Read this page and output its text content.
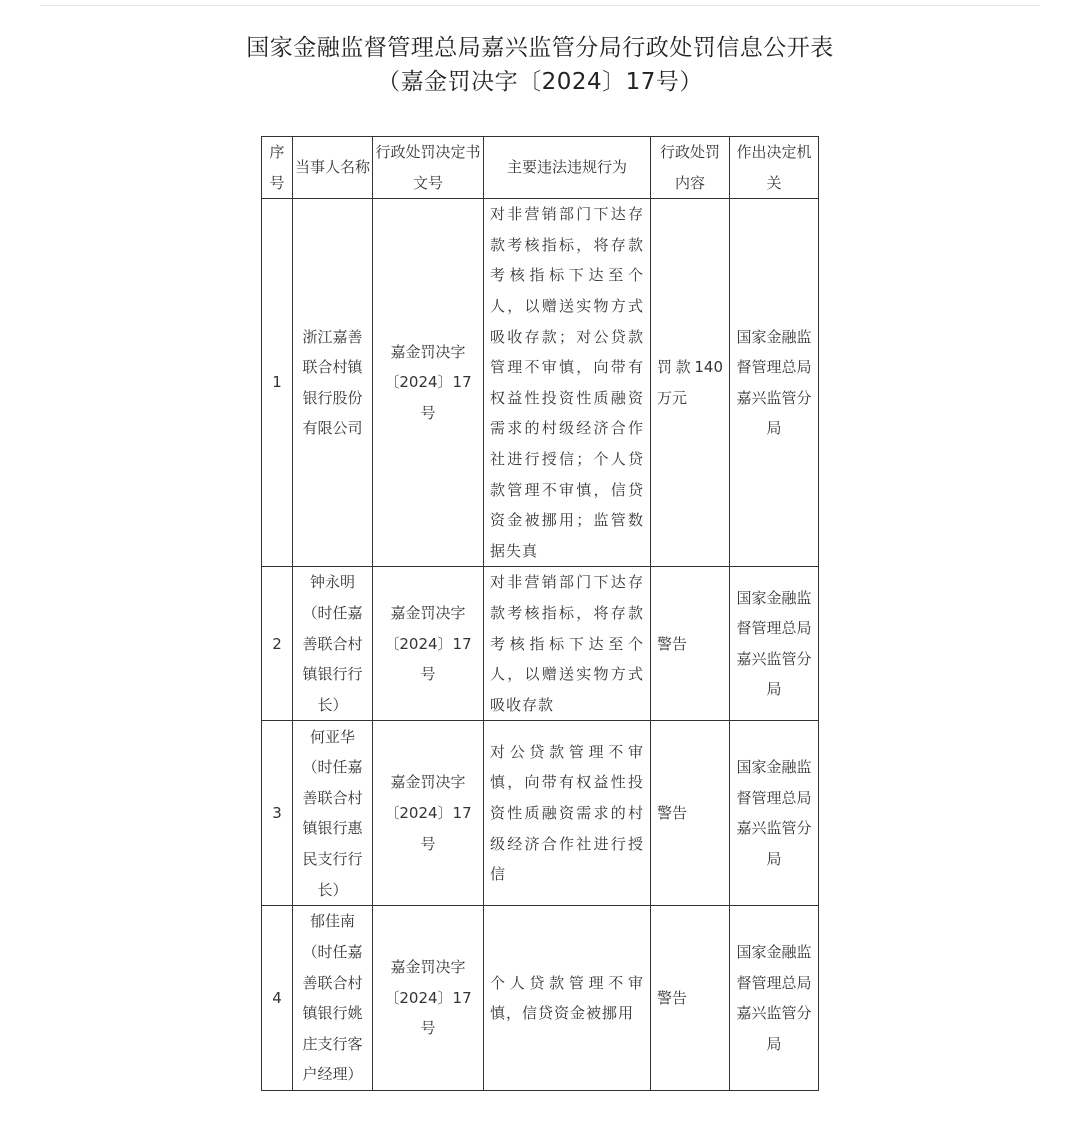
国家金融监督管理总局嘉兴监管分局行政处罚信息公开表
（嘉金罚决字〔2024〕17号）
序号	当事人名称	行政处罚决定书文号	主要违法违规行为	行政处罚内容	作出决定机关
1	浙江嘉善联合村镇银行股份有限公司	嘉金罚决字〔2024〕17号	对非营销部门下达存款考核指标，将存款考核指标下达至个人，以赠送实物方式吸收存款；对公贷款管理不审慎，向带有权益性投资性质融资需求的村级经济合作社进行授信；个人贷款管理不审慎，信贷资金被挪用；监管数据失真	罚款140万元	国家金融监督管理总局嘉兴监管分局
2	钟永明（时任嘉善联合村镇银行行长）	嘉金罚决字〔2024〕17号	对非营销部门下达存款考核指标，将存款考核指标下达至个人，以赠送实物方式吸收存款	警告	国家金融监督管理总局嘉兴监管分局
3	何亚华（时任嘉善联合村镇银行惠民支行行长）	嘉金罚决字〔2024〕17号	对公贷款管理不审慎，向带有权益性投资性质融资需求的村级经济合作社进行授信	警告	国家金融监督管理总局嘉兴监管分局
4	郁佳南（时任嘉善联合村镇银行姚庄支行客户经理）	嘉金罚决字〔2024〕17号	个人贷款管理不审慎，信贷资金被挪用	警告	国家金融监督管理总局嘉兴监管分局
